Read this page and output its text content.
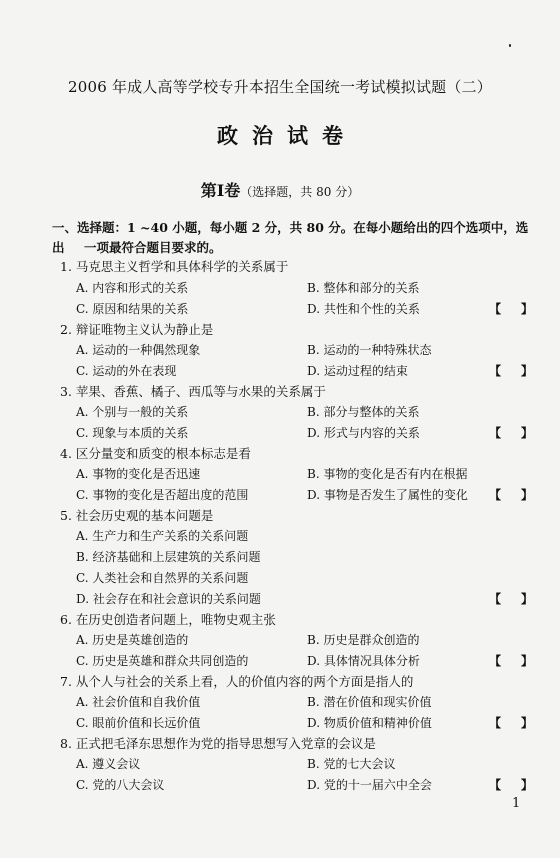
2006 年成人高等学校专升本招生全国统一考试模拟试题（二）
政治试卷
第Ⅰ卷（选择题，共 80 分）
一、选择题：1 ~40 小题，每小题 2 分，共 80 分。在每小题给出的四个选项中，选出	一项最符合题目要求的。
1. 马克思主义哲学和具体科学的关系属于
A. 内容和形式的关系	B. 整体和部分的关系
C. 原因和结果的关系	D. 共性和个性的关系	【 】
2. 辩证唯物主义认为静止是
A. 运动的一种偶然现象	B. 运动的一种特殊状态
C. 运动的外在表现	D. 运动过程的结束	【 】
3. 苹果、香蕉、橘子、西瓜等与水果的关系属于
A. 个别与一般的关系	B. 部分与整体的关系
C. 现象与本质的关系	D. 形式与内容的关系	【 】
4. 区分量变和质变的根本标志是看
A. 事物的变化是否迅速	B. 事物的变化是否有内在根据
C. 事物的变化是否超出度的范围	D. 事物是否发生了属性的变化 【 】
5. 社会历史观的基本问题是
A. 生产力和生产关系的关系问题
B. 经济基础和上层建筑的关系问题
C. 人类社会和自然界的关系问题
D. 社会存在和社会意识的关系问题	【 】
6. 在历史创造者问题上，唯物史观主张
A. 历史是英雄创造的	B. 历史是群众创造的
C. 历史是英雄和群众共同创造的	D. 具体情况具体分析	【 】
7. 从个人与社会的关系上看，人的价值内容的两个方面是指人的
A. 社会价值和自我价值	B. 潜在价值和现实价值
C. 眼前价值和长远价值	D. 物质价值和精神价值	【 】
8. 正式把毛泽东思想作为党的指导思想写入党章的会议是
A. 遵义会议	B. 党的七大会议
C. 党的八大会议	D. 党的十一届六中全会	【 】
1
